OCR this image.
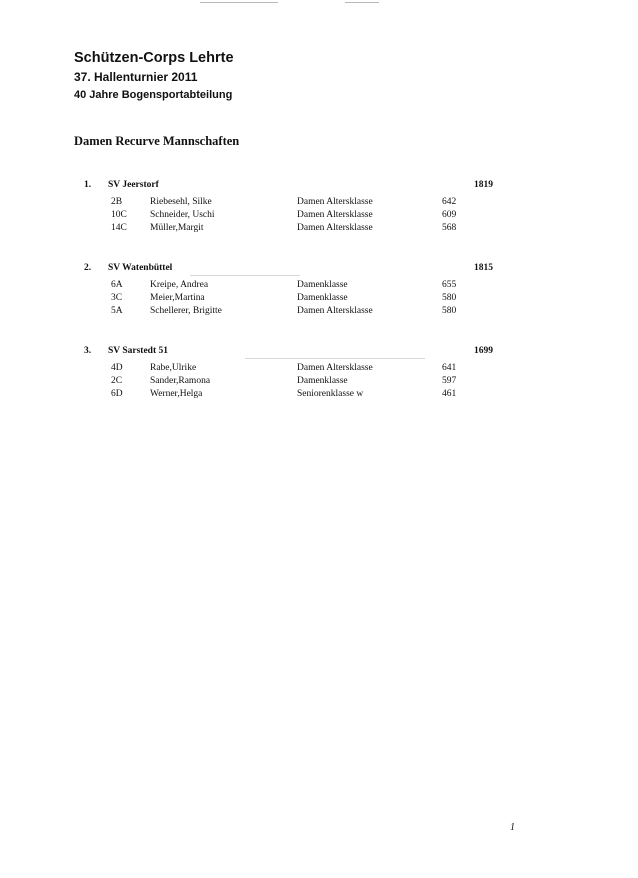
Schützen-Corps Lehrte
37. Hallenturnier 2011
40 Jahre Bogensportabteilung
Damen Recurve Mannschaften
1. SV Jeerstorf	1819
2B	Riebesehl, Silke	Damen Altersklasse	642
10C Schneider, Uschi	Damen Altersklasse	609
14C Müller,Margit	Damen Altersklasse	568
2. SV Watenbüttel	1815
6A	Kreipe, Andrea	Damenklasse	655
3C	Meier,Martina	Damenklasse	580
5A	Schellerer, Brigitte	Damen Altersklasse	580
3. SV Sarstedt 51	1699
4D	Rabe,Ulrike	Damen Altersklasse	641
2C	Sander,Ramona	Damenklasse	597
6D	Werner,Helga	Seniorenklasse w	461
1
